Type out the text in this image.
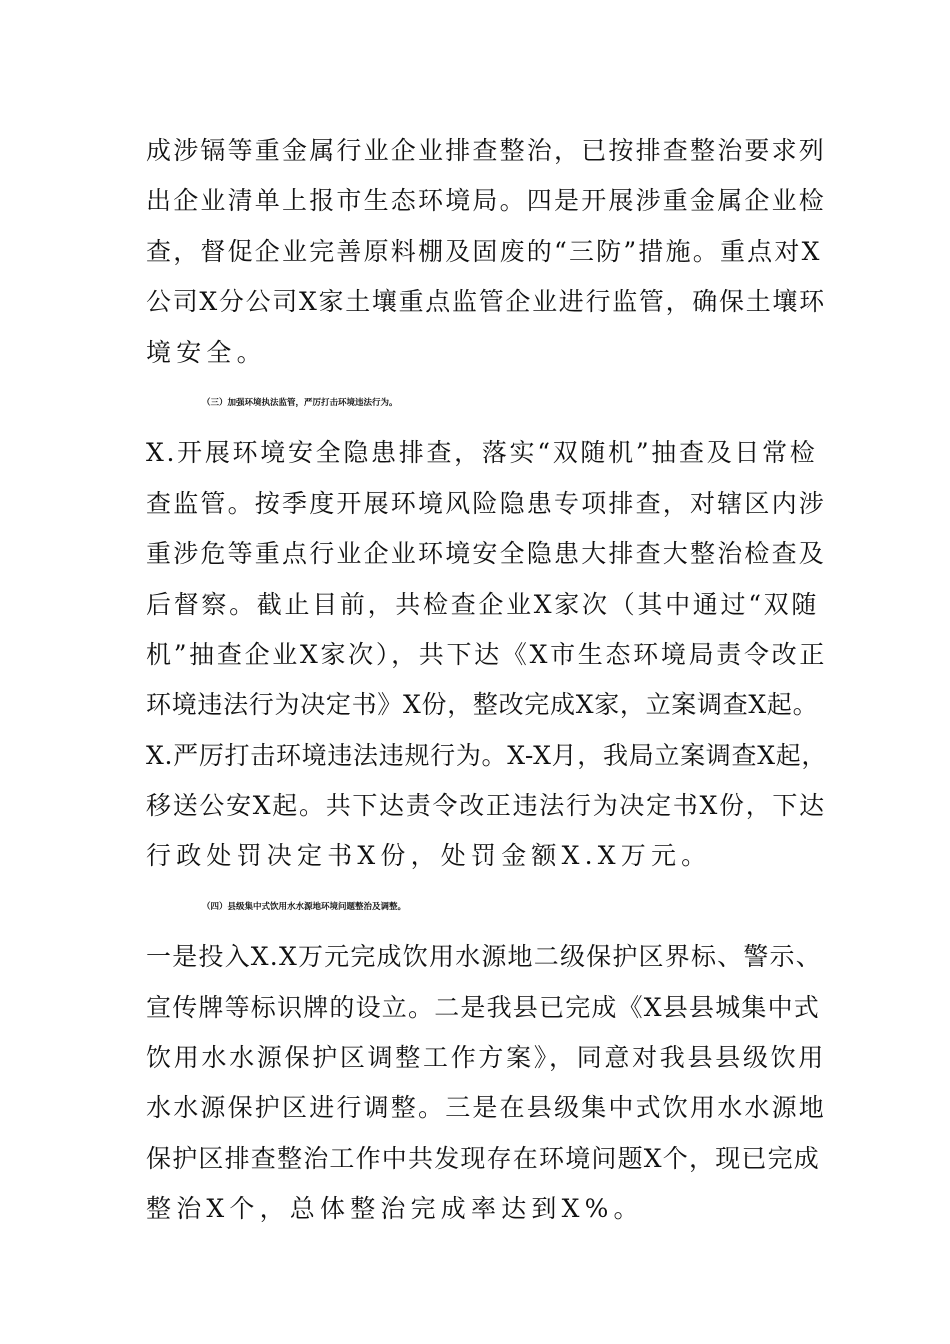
成涉镉等重金属行业企业排查整治，已按排查整治要求列
出企业清单上报市生态环境局。四是开展涉重金属企业检
查，督促企业完善原料棚及固废的“三防”措施。重点对X
公司X分公司X家土壤重点监管企业进行监管，确保土壤环
境安全。
（三）加强环境执法监管，严厉打击环境违法行为。
X.开展环境安全隐患排查，落实“双随机”抽查及日常检
查监管。按季度开展环境风险隐患专项排查，对辖区内涉
重涉危等重点行业企业环境安全隐患大排查大整治检查及
后督察。截止目前，共检查企业X家次（其中通过“双随
机”抽查企业X家次），共下达《X市生态环境局责令改正
环境违法行为决定书》X份，整改完成X家，立案调查X起。
X.严厉打击环境违法违规行为。X-X月，我局立案调查X起，
移送公安X起。共下达责令改正违法行为决定书X份，下达
行政处罚决定书X份，处罚金额X.X万元。
（四）县级集中式饮用水水源地环境问题整治及调整。
一是投入X.X万元完成饮用水源地二级保护区界标、警示、
宣传牌等标识牌的设立。二是我县已完成《X县县城集中式
饮用水水源保护区调整工作方案》，同意对我县县级饮用
水水源保护区进行调整。三是在县级集中式饮用水水源地
保护区排查整治工作中共发现存在环境问题X个，现已完成
整治X个，总体整治完成率达到X%。
